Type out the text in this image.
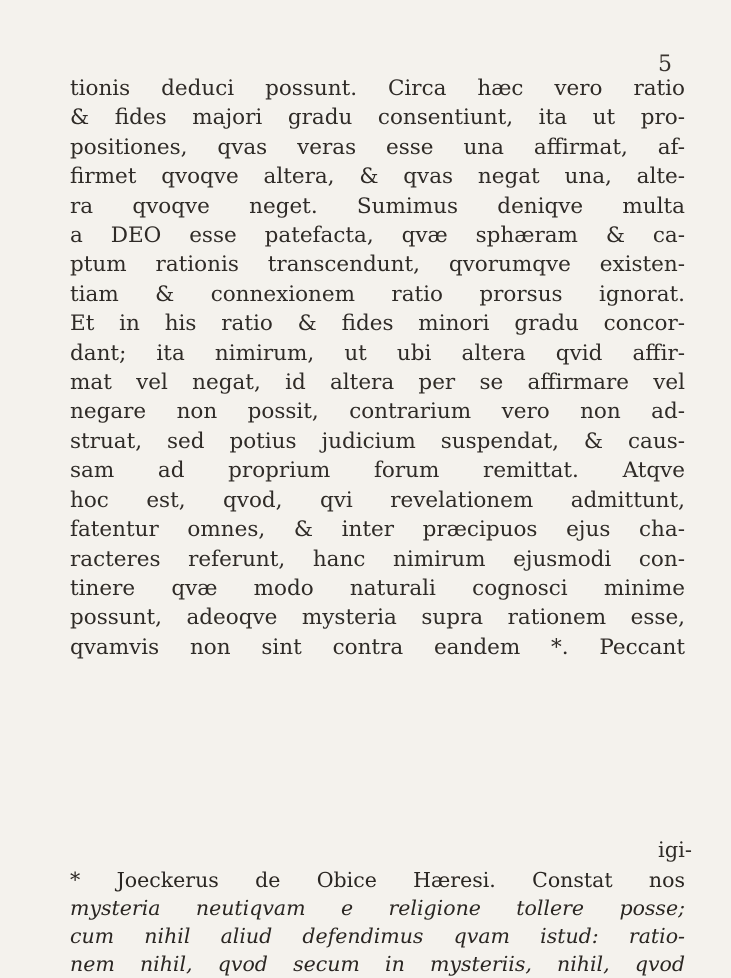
5
tionis deduci possunt. Circa hæc vero ratio
& fides majori gradu consentiunt, ita ut pro-
positiones, qvas veras esse una affirmat, af-
firmet qvoqve altera, & qvas negat una, alte-
ra qvoqve neget. Sumimus deniqve multa
a DEO esse patefacta, qvæ sphæram & ca-
ptum rationis transcendunt, qvorumqve existen-
tiam & connexionem ratio prorsus ignorat.
Et in his ratio & fides minori gradu concor-
dant; ita nimirum, ut ubi altera qvid affir-
mat vel negat, id altera per se affirmare vel
negare non possit, contrarium vero non ad-
struat, sed potius judicium suspendat, & caus-
sam ad proprium forum remittat. Atqve
hoc est, qvod, qvi revelationem admittunt,
fatentur omnes, & inter præcipuos ejus cha-
racteres referunt, hanc nimirum ejusmodi con-
tinere qvæ modo naturali cognosci minime
possunt, adeoqve mysteria supra rationem esse,
qvamvis non sint contra eandem *. Peccant
igi-
* Joeckerus de Obice Hæresi. Constat nos
mysteria neutiqvam e religione tollere posse;
cum nihil aliud defendimus qvam istud: ratio-
nem nihil, qvod secum in mysteriis, nihil, qvod
